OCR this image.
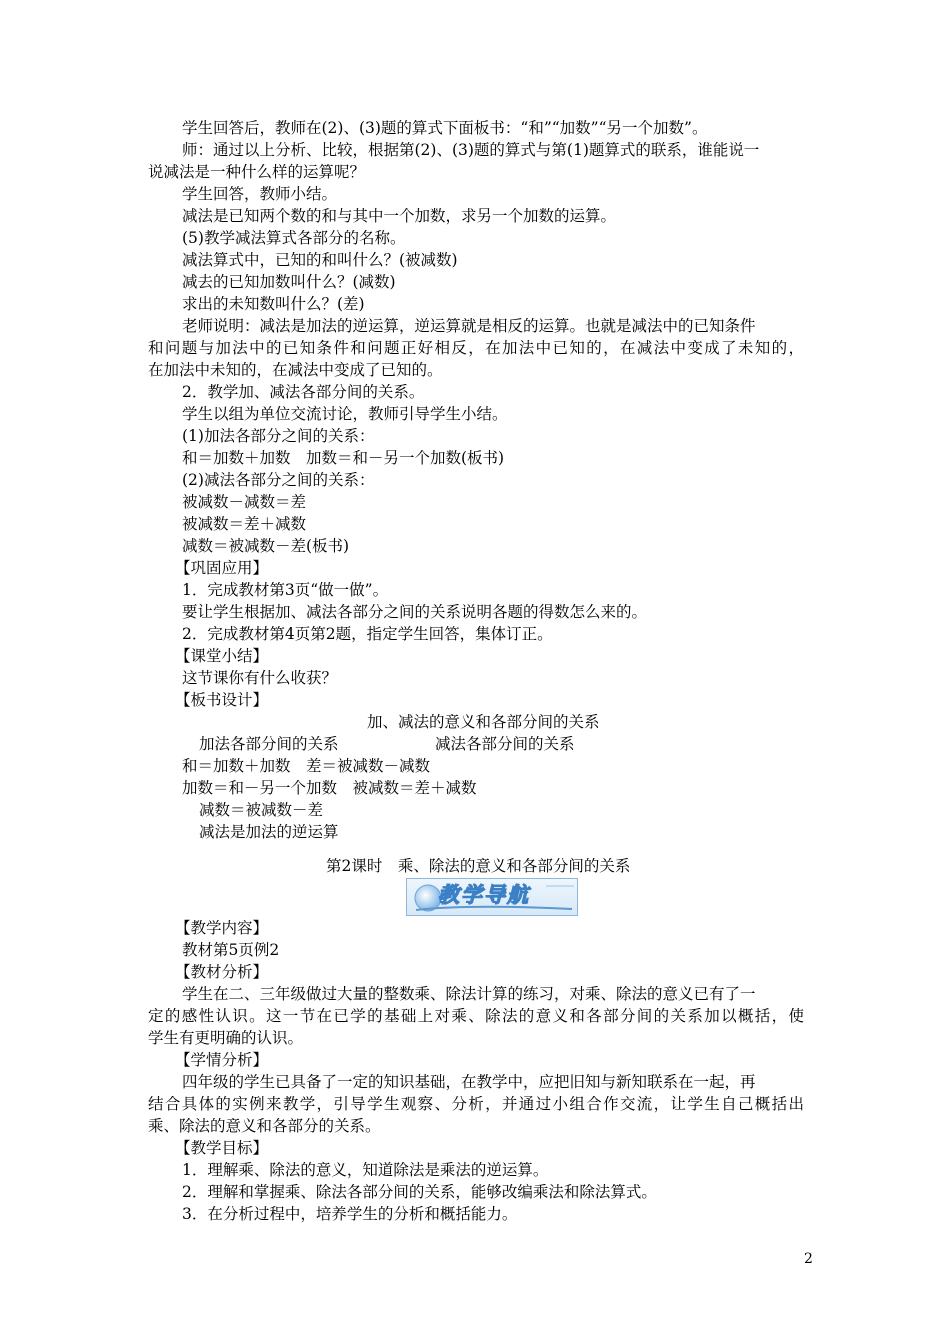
学生回答后，教师在(2)、(3)题的算式下面板书：“和”“加数”“另一个加数”。
师：通过以上分析、比较，根据第(2)、(3)题的算式与第(1)题算式的联系，谁能说一
说减法是一种什么样的运算呢？
学生回答，教师小结。
减法是已知两个数的和与其中一个加数，求另一个加数的运算。
(5)教学减法算式各部分的名称。
减法算式中，已知的和叫什么？(被减数)
减去的已知加数叫什么？(减数)
求出的未知数叫什么？(差)
老师说明：减法是加法的逆运算，逆运算就是相反的运算。也就是减法中的已知条件
和问题与加法中的已知条件和问题正好相反，在加法中已知的，在减法中变成了未知的，
在加法中未知的，在减法中变成了已知的。
2．教学加、减法各部分间的关系。
学生以组为单位交流讨论，教师引导学生小结。
(1)加法各部分之间的关系：
和＝加数＋加数　加数＝和－另一个加数(板书)
(2)减法各部分之间的关系：
被减数－减数＝差
被减数＝差＋减数
减数＝被减数－差(板书)
【巩固应用】
1．完成教材第3页“做一做”。
要让学生根据加、减法各部分之间的关系说明各题的得数怎么来的。
2．完成教材第4页第2题，指定学生回答，集体订正。
【课堂小结】
这节课你有什么收获？
【板书设计】
加、减法的意义和各部分间的关系
加法各部分间的关系	减法各部分间的关系
和＝加数＋加数　差＝被减数－减数
加数＝和－另一个加数　被减数＝差＋减数
减数＝被减数－差
减法是加法的逆运算
第2课时　乘、除法的意义和各部分间的关系
教学导航
【教学内容】
教材第5页例2
【教材分析】
学生在二、三年级做过大量的整数乘、除法计算的练习，对乘、除法的意义已有了一
定的感性认识。这一节在已学的基础上对乘、除法的意义和各部分间的关系加以概括，使
学生有更明确的认识。
【学情分析】
四年级的学生已具备了一定的知识基础，在教学中，应把旧知与新知联系在一起，再
结合具体的实例来教学，引导学生观察、分析，并通过小组合作交流，让学生自己概括出
乘、除法的意义和各部分的关系。
【教学目标】
1．理解乘、除法的意义，知道除法是乘法的逆运算。
2．理解和掌握乘、除法各部分间的关系，能够改编乘法和除法算式。
3．在分析过程中，培养学生的分析和概括能力。
2
